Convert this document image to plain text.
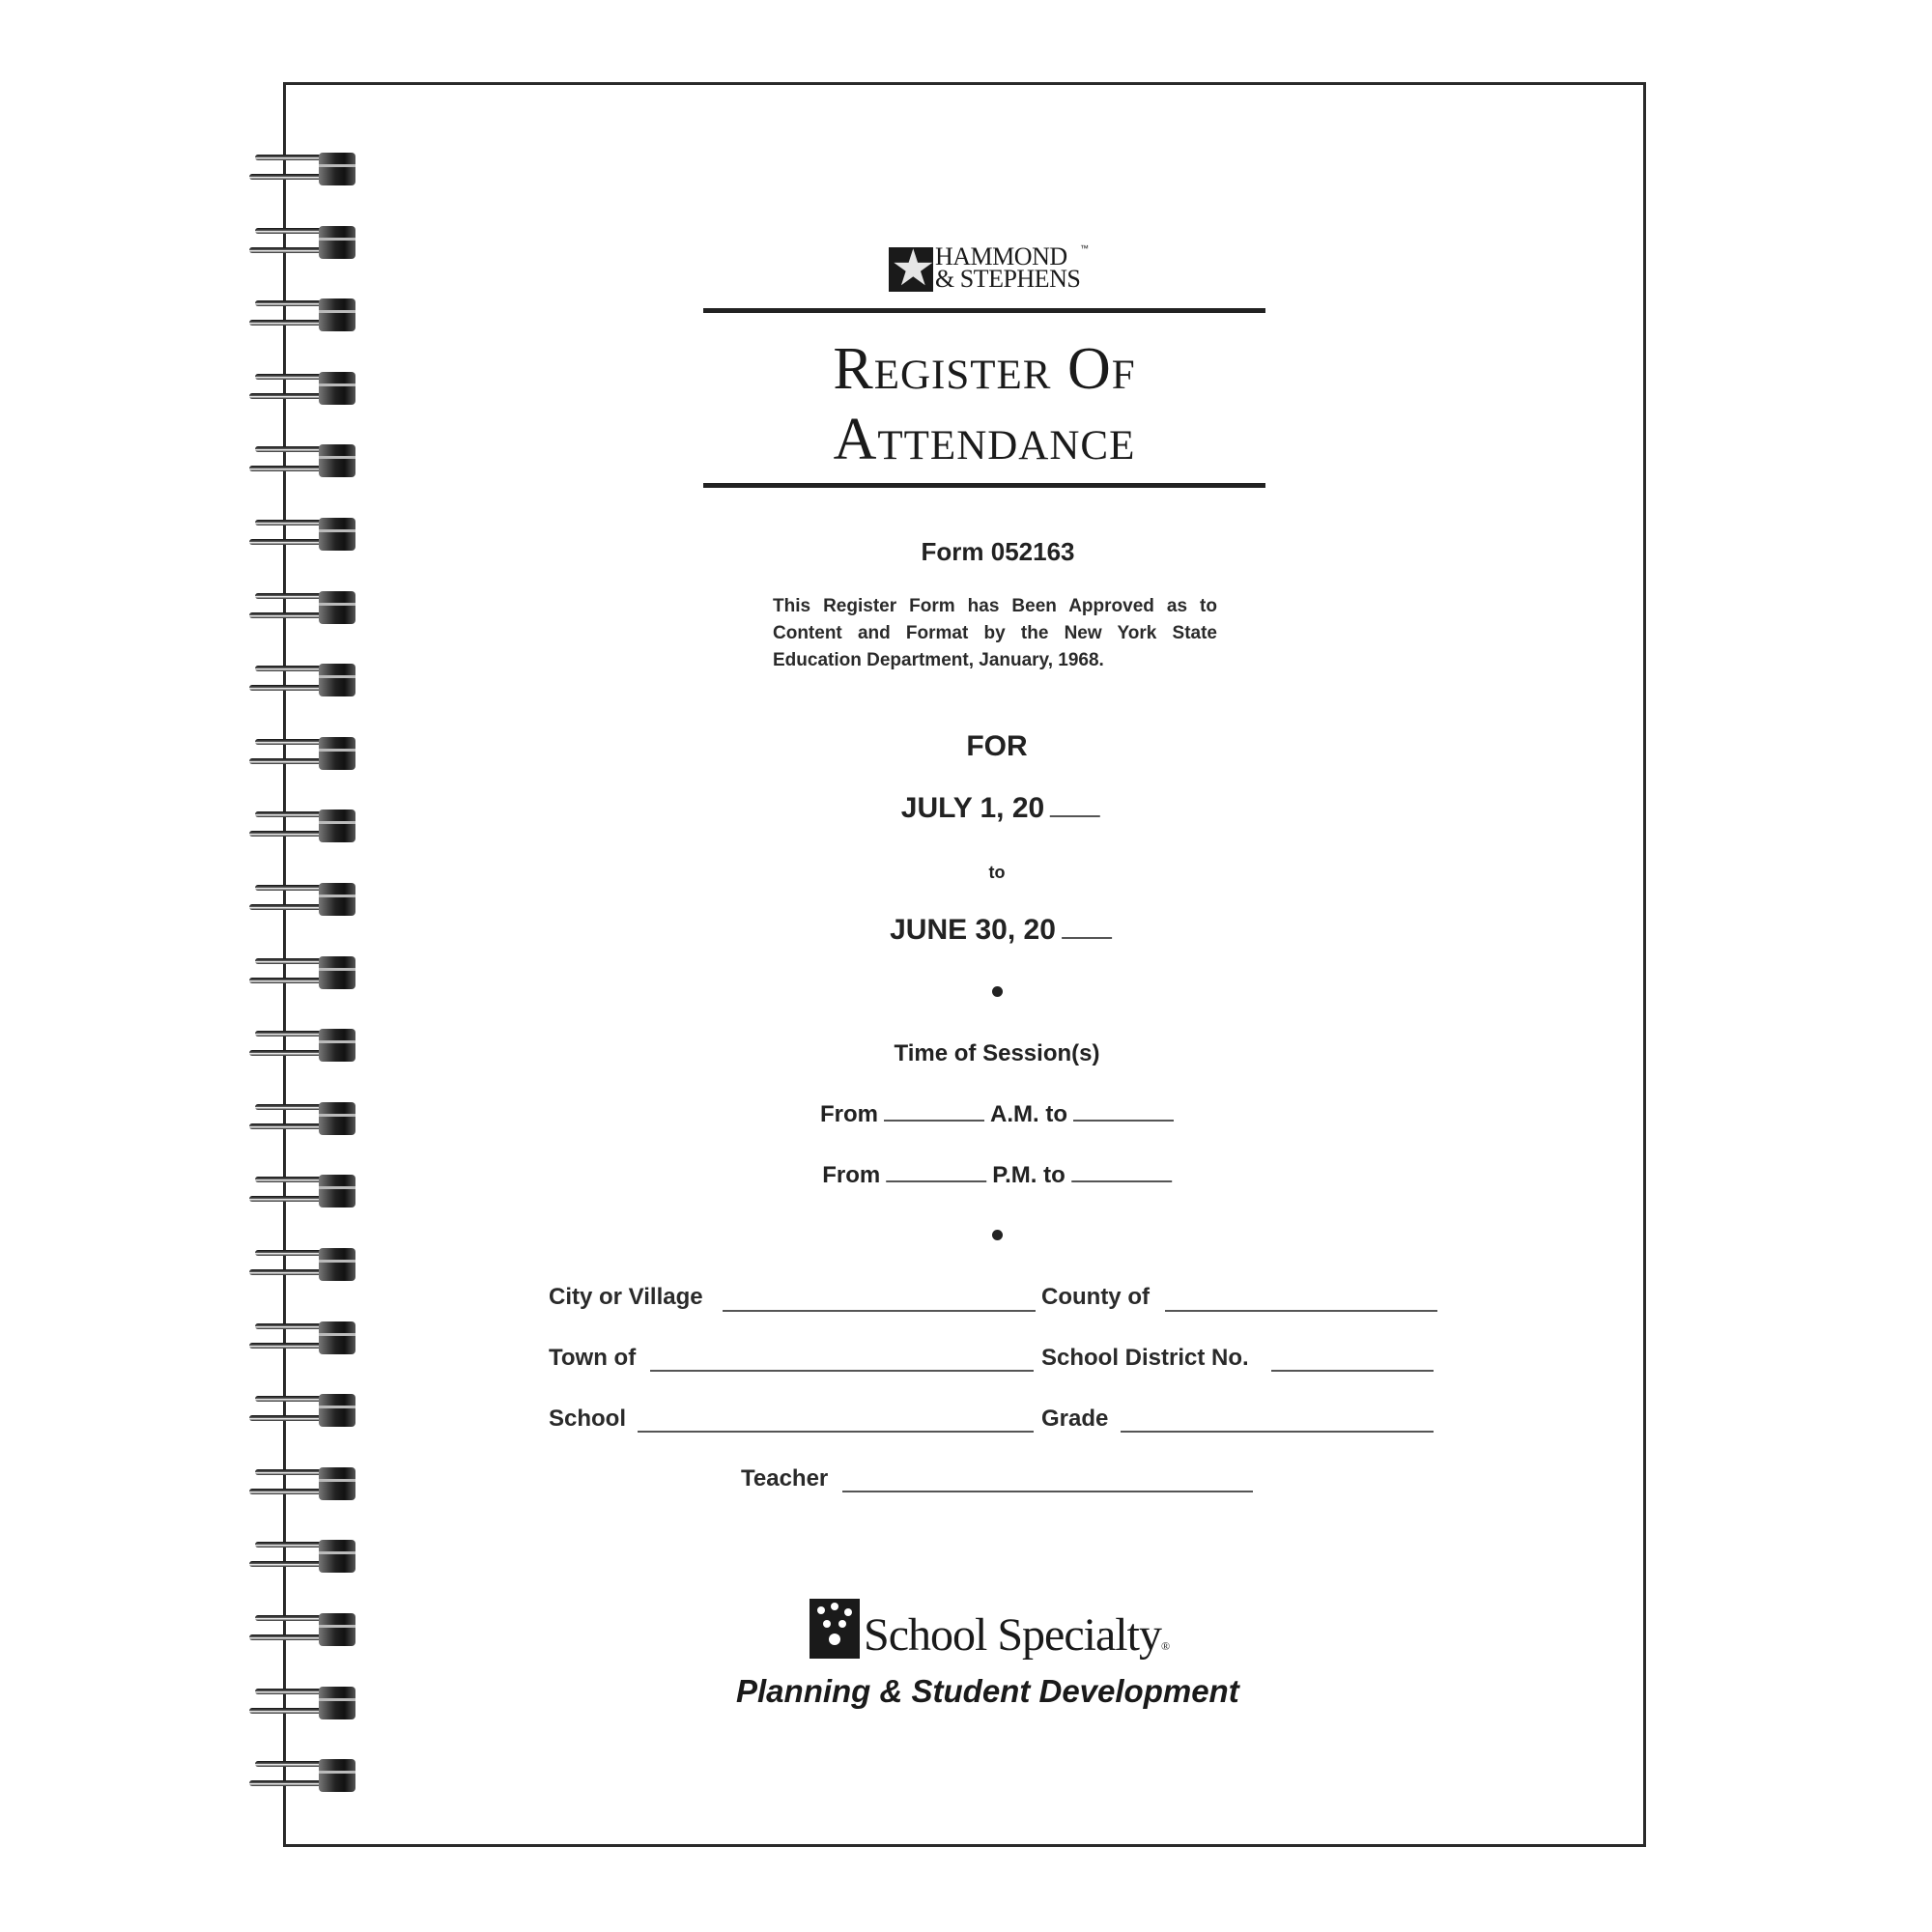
★ HAMMOND
& STEPHENS
™
Register Of
Attendance
Form 052163
This Register Form has Been Approved as to Content and Format by the New York State Education Department, January, 1968.
FOR
JULY 1, 20
to
JUNE 30, 20
Time of Session(s)
From	A.M. to
From	P.M. to
City or Village	County of
Town of	School District No.
School	Grade
Teacher
School Specialty®
Planning & Student Development
